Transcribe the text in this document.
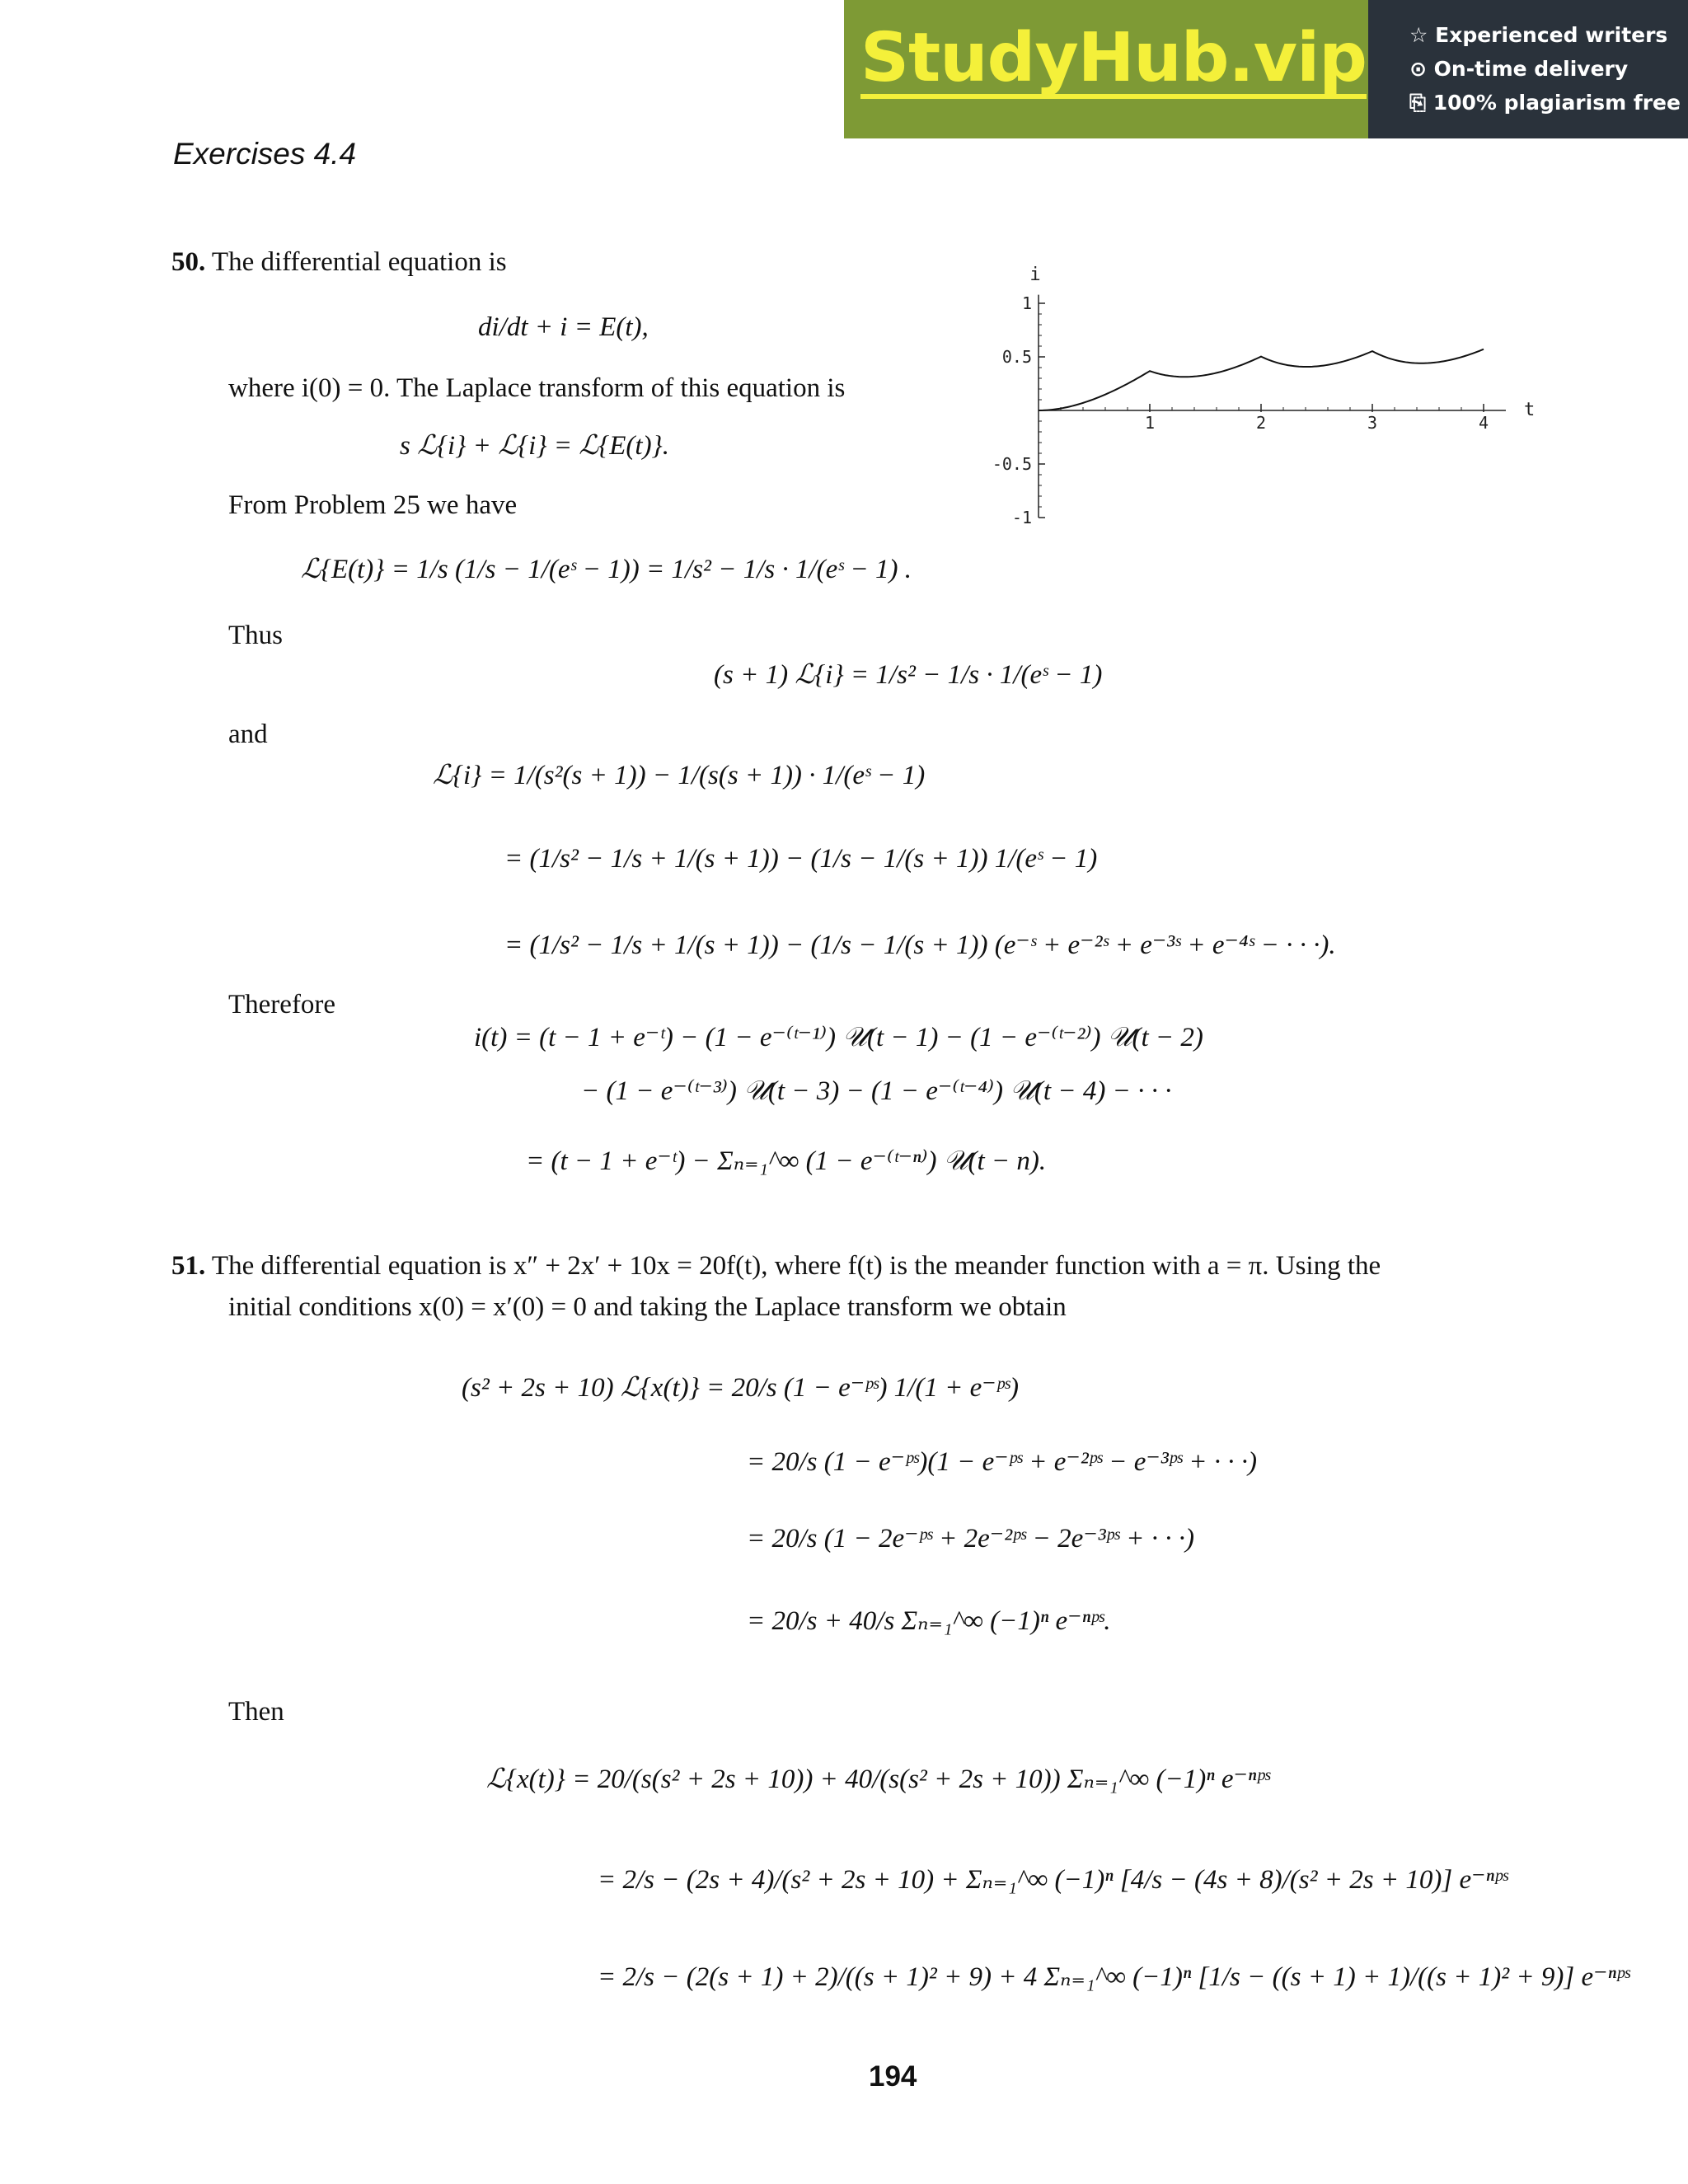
StudyHub.vip ☆ Experienced writers
⊙ On-time delivery
⎘ 100% plagiarism free
Exercises 4.4
50. The differential equation is
di/dt + i = E(t),
where i(0) = 0. The Laplace transform of this equation is
s ℒ{i} + ℒ{i} = ℒ{E(t)}.
From Problem 25 we have
ℒ{E(t)} = 1/s (1/s − 1/(eˢ − 1)) = 1/s² − 1/s · 1/(eˢ − 1) .
Thus
(s + 1) ℒ{i} = 1/s² − 1/s · 1/(eˢ − 1)
and
ℒ{i} = 1/(s²(s + 1)) − 1/(s(s + 1)) · 1/(eˢ − 1)
= (1/s² − 1/s + 1/(s + 1)) − (1/s − 1/(s + 1)) 1/(eˢ − 1)
= (1/s² − 1/s + 1/(s + 1)) − (1/s − 1/(s + 1)) (e⁻ˢ + e⁻²ˢ + e⁻³ˢ + e⁻⁴ˢ − · · ·).
Therefore
i(t) = (t − 1 + e⁻ᵗ) − (1 − e⁻⁽ᵗ⁻¹⁾) 𝒰(t − 1) − (1 − e⁻⁽ᵗ⁻²⁾) 𝒰(t − 2)
− (1 − e⁻⁽ᵗ⁻³⁾) 𝒰(t − 3) − (1 − e⁻⁽ᵗ⁻⁴⁾) 𝒰(t − 4) − · · ·
= (t − 1 + e⁻ᵗ) − Σₙ₌₁^∞ (1 − e⁻⁽ᵗ⁻ⁿ⁾) 𝒰(t − n).
1	2	3	4
1
0.5
-0.5
-1
t
i
51. The differential equation is x″ + 2x′ + 10x = 20f(t), where f(t) is the meander function with a = π. Using the
initial conditions x(0) = x′(0) = 0 and taking the Laplace transform we obtain
(s² + 2s + 10) ℒ{x(t)} = 20/s (1 − e⁻ᵖˢ) 1/(1 + e⁻ᵖˢ)
= 20/s (1 − e⁻ᵖˢ)(1 − e⁻ᵖˢ + e⁻²ᵖˢ − e⁻³ᵖˢ + · · ·)
= 20/s (1 − 2e⁻ᵖˢ + 2e⁻²ᵖˢ − 2e⁻³ᵖˢ + · · ·)
= 20/s + 40/s Σₙ₌₁^∞ (−1)ⁿ e⁻ⁿᵖˢ.
Then
ℒ{x(t)} = 20/(s(s² + 2s + 10)) + 40/(s(s² + 2s + 10)) Σₙ₌₁^∞ (−1)ⁿ e⁻ⁿᵖˢ
= 2/s − (2s + 4)/(s² + 2s + 10) + Σₙ₌₁^∞ (−1)ⁿ [4/s − (4s + 8)/(s² + 2s + 10)] e⁻ⁿᵖˢ
= 2/s − (2(s + 1) + 2)/((s + 1)² + 9) + 4 Σₙ₌₁^∞ (−1)ⁿ [1/s − ((s + 1) + 1)/((s + 1)² + 9)] e⁻ⁿᵖˢ
194
